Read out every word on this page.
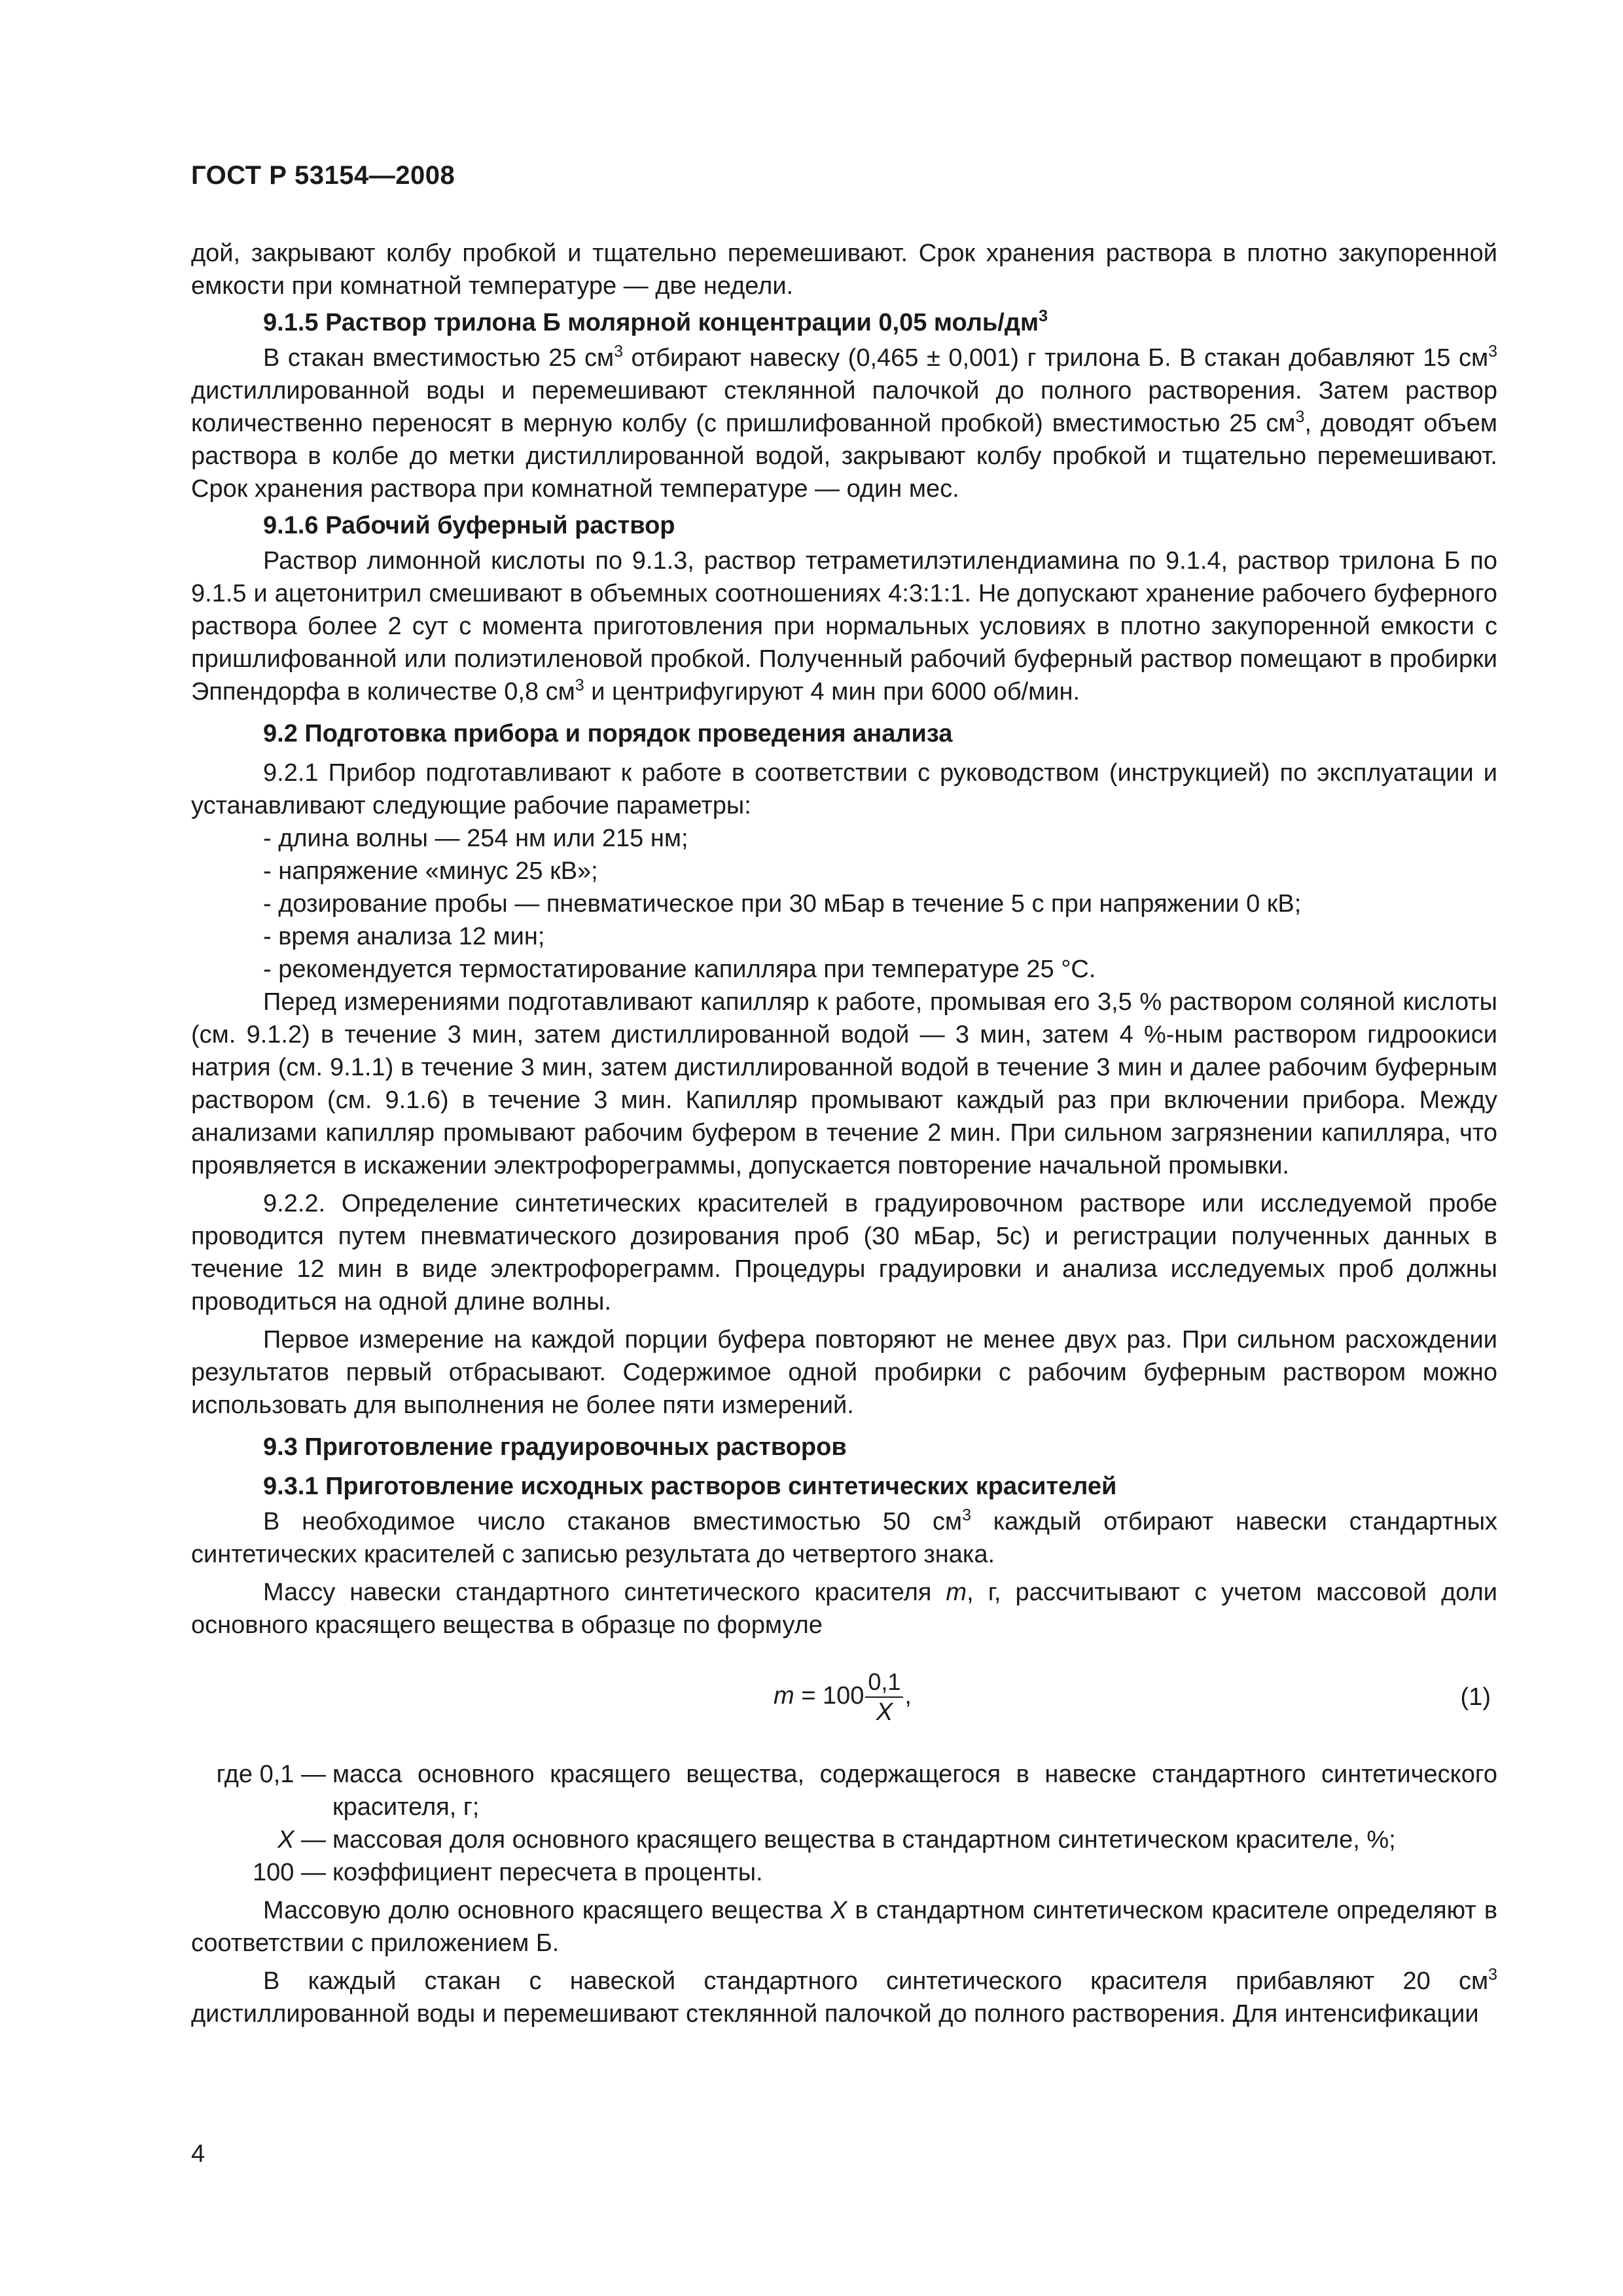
ГОСТ Р 53154—2008

дой, закрывают колбу пробкой и тщательно перемешивают. Срок хранения раствора в плотно закупоренной емкости при комнатной температуре — две недели.

9.1.5 Раствор трилона Б молярной концентрации 0,05 моль/$дм^3$

В стакан вместимостью 25 $см^3$ отбирают навеску (0,465 ± 0,001) г трилона Б. В стакан добавляют 15 $см^3$ дистиллированной воды и перемешивают стеклянной палочкой до полного растворения. Затем раствор количественно переносят в мерную колбу (с пришлифованной пробкой) вместимостью 25 $см^3$, доводят объем раствора в колбе до метки дистиллированной водой, закрывают колбу пробкой и тщательно перемешивают. Срок хранения раствора при комнатной температуре — один мес.

9.1.6 Рабочий буферный раствор

Раствор лимонной кислоты по 9.1.3, раствор тетраметилэтилендиамина по 9.1.4, раствор трилона Б по 9.1.5 и ацетонитрил смешивают в объемных соотношениях 4:3:1:1. Не допускают хранение рабочего буферного раствора более 2 сут с момента приготовления при нормальных условиях в плотно закупоренной емкости с пришлифованной или полиэтиленовой пробкой. Полученный рабочий буферный раствор помещают в пробирки Эппендорфа в количестве 0,8 $см^3$ и центрифугируют 4 мин при 6000 об/мин.

9.2 Подготовка прибора и порядок проведения анализа

9.2.1 Прибор подготавливают к работе в соответствии с руководством (инструкцией) по эксплуатации и устанавливают следующие рабочие параметры:

- длина волны — 254 нм или 215 нм;

- напряжение «минус 25 кВ»;

- дозирование пробы — пневматическое при 30 мБар в течение 5 с при напряжении 0 кВ;

- время анализа 12 мин;

- рекомендуется термостатирование капилляра при температуре 25 °С.

Перед измерениями подготавливают капилляр к работе, промывая его 3,5 % раствором соляной кислоты (см. 9.1.2) в течение 3 мин, затем дистиллированной водой — 3 мин, затем 4 %-ным раствором гидроокиси натрия (см. 9.1.1) в течение 3 мин, затем дистиллированной водой в течение 3 мин и далее рабочим буферным раствором (см. 9.1.6) в течение 3 мин. Капилляр промывают каждый раз при включении прибора. Между анализами капилляр промывают рабочим буфером в течение 2 мин. При сильном загрязнении капилляра, что проявляется в искажении электрофореграммы, допускается повторение начальной промывки.

9.2.2. Определение синтетических красителей в градуировочном растворе или исследуемой пробе проводится путем пневматического дозирования проб (30 мБар, 5с) и регистрации полученных данных в течение 12 мин в виде электрофореграмм. Процедуры градуировки и анализа исследуемых проб должны проводиться на одной длине волны.

Первое измерение на каждой порции буфера повторяют не менее двух раз. При сильном расхождении результатов первый отбрасывают. Содержимое одной пробирки с рабочим буферным раствором можно использовать для выполнения не более пяти измерений.

9.3 Приготовление градуировочных растворов
9.3.1 Приготовление исходных растворов синтетических красителей

В необходимое число стаканов вместимостью 50 $см^3$ каждый отбирают навески стандартных синтетических красителей с записью результата до четвертого знака.

Массу навески стандартного синтетического красителя m, г, рассчитывают с учетом массовой доли основного красящего вещества в образце по формуле

$m = 100 \frac{0,1}{X}$ ,	(1)
где 0,1 — масса основного красящего вещества, содержащегося в навеске стандартного синтетического красителя, г;
X — массовая доля основного красящего вещества в стандартном синтетическом красителе, %;
100 — коэффициент пересчета в проценты.

Массовую долю основного красящего вещества X в стандартном синтетическом красителе определяют в соответствии с приложением Б.

В каждый стакан с навеской стандартного синтетического красителя прибавляют 20 $см^3$ дистиллированной воды и перемешивают стеклянной палочкой до полного растворения. Для интенсификации

4
